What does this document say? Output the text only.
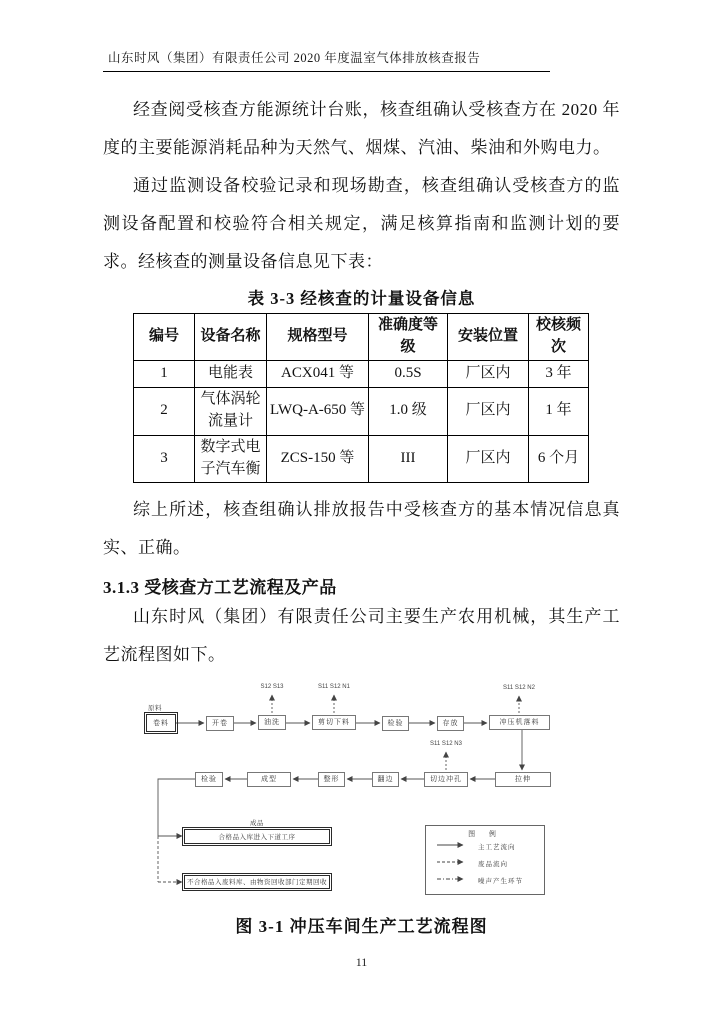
山东时风（集团）有限责任公司 2020 年度温室气体排放核查报告

经查阅受核查方能源统计台账，核查组确认受核查方在 2020 年度的主要能源消耗品种为天然气、烟煤、汽油、柴油和外购电力。

通过监测设备校验记录和现场勘查，核查组确认受核查方的监测设备配置和校验符合相关规定，满足核算指南和监测计划的要求。经核查的测量设备信息见下表：

表 3-3 经核查的计量设备信息
编号	设备名称	规格型号	准确度等级	安装位置	校核频次
1	电能表	ACX041 等	0.5S	厂区内	3 年
2	气体涡轮流量计	LWQ-A-650 等	1.0 级	厂区内	1 年
3	数字式电子汽车衡	ZCS-150 等	III	厂区内	6 个月

综上所述，核查组确认排放报告中受核查方的基本情况信息真实、正确。

3.1.3 受核查方工艺流程及产品

山东时风（集团）有限责任公司主要生产农用机械，其生产工艺流程图如下。

原料
卷料	开卷	油洗	剪切下料	检验	存放	冲压机落料
S12 S13	S11 S12 N1	S11 S12 N2
S11 S12 N3
拉伸
切边冲孔
翻边
整形
成型
检验
成品
合格品入库进入下道工序
不合格品入废料库、由物资回收部门定期回收
图 例
主工艺流向
废品流向
噪声产生环节
图 3-1 冲压车间生产工艺流程图
11
